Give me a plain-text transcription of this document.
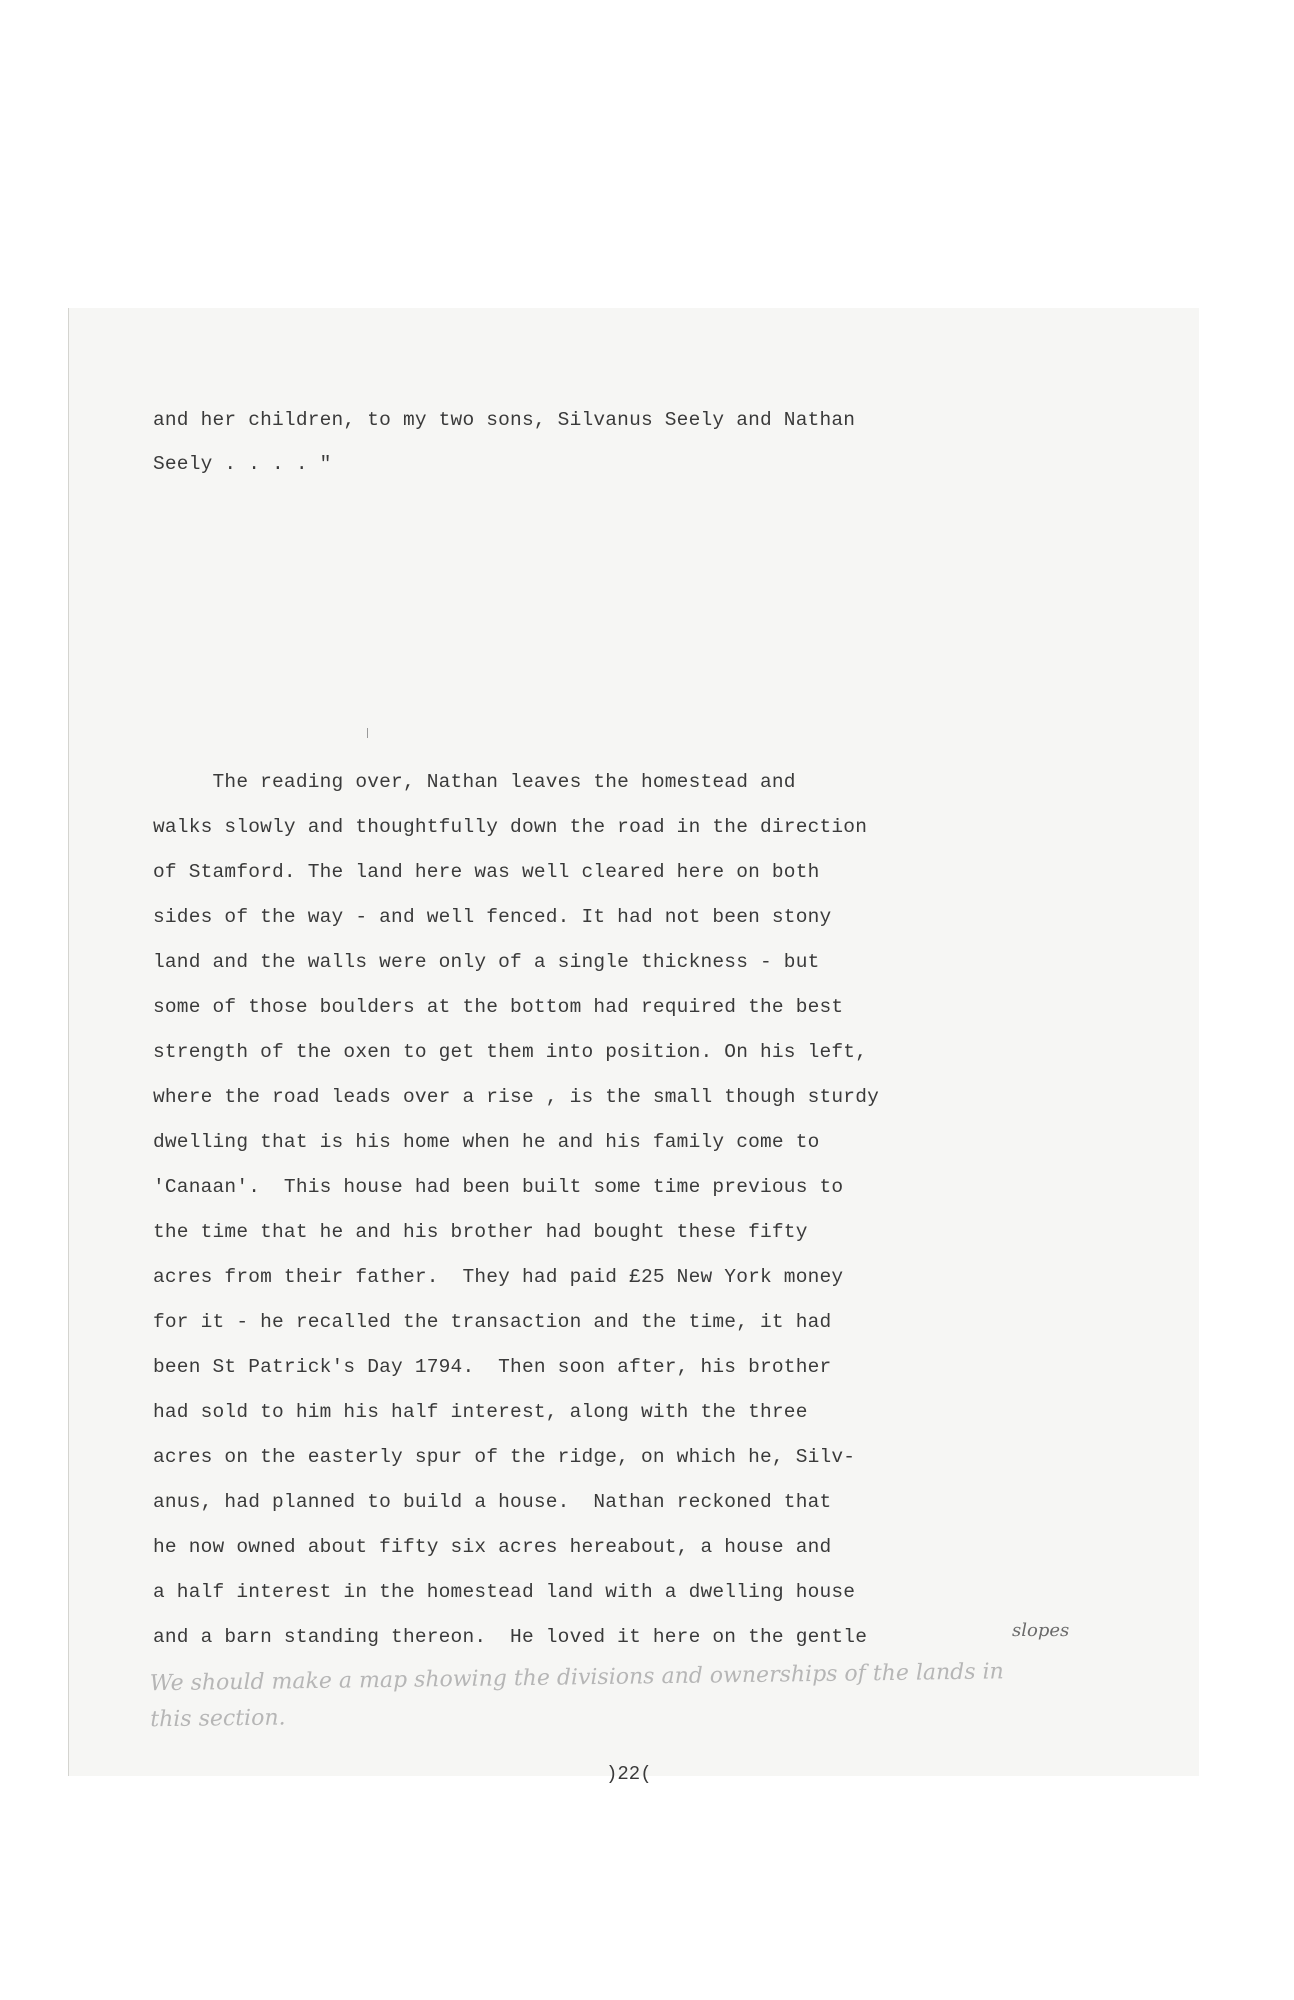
and her children, to my two sons, Silvanus Seely and Nathan
Seely . . . . "
The reading over, Nathan leaves the homestead and
walks slowly and thoughtfully down the road in the direction
of Stamford. The land here was well cleared here on both
sides of the way - and well fenced. It had not been stony
land and the walls were only of a single thickness - but
some of those boulders at the bottom had required the best
strength of the oxen to get them into position. On his left,
where the road leads over a rise , is the small though sturdy
dwelling that is his home when he and his family come to
'Canaan'.  This house had been built some time previous to
the time that he and his brother had bought these fifty
acres from their father.  They had paid £25 New York money
for it - he recalled the transaction and the time, it had
been St Patrick's Day 1794.  Then soon after, his brother
had sold to him his half interest, along with the three
acres on the easterly spur of the ridge, on which he, Silv-
anus, had planned to build a house.  Nathan reckoned that
he now owned about fifty six acres hereabout, a house and
a half interest in the homestead land with a dwelling house
and a barn standing thereon.  He loved it here on the gentle	slopes

We should make a map showing the divisions and ownerships of the lands in this section.

)22(
